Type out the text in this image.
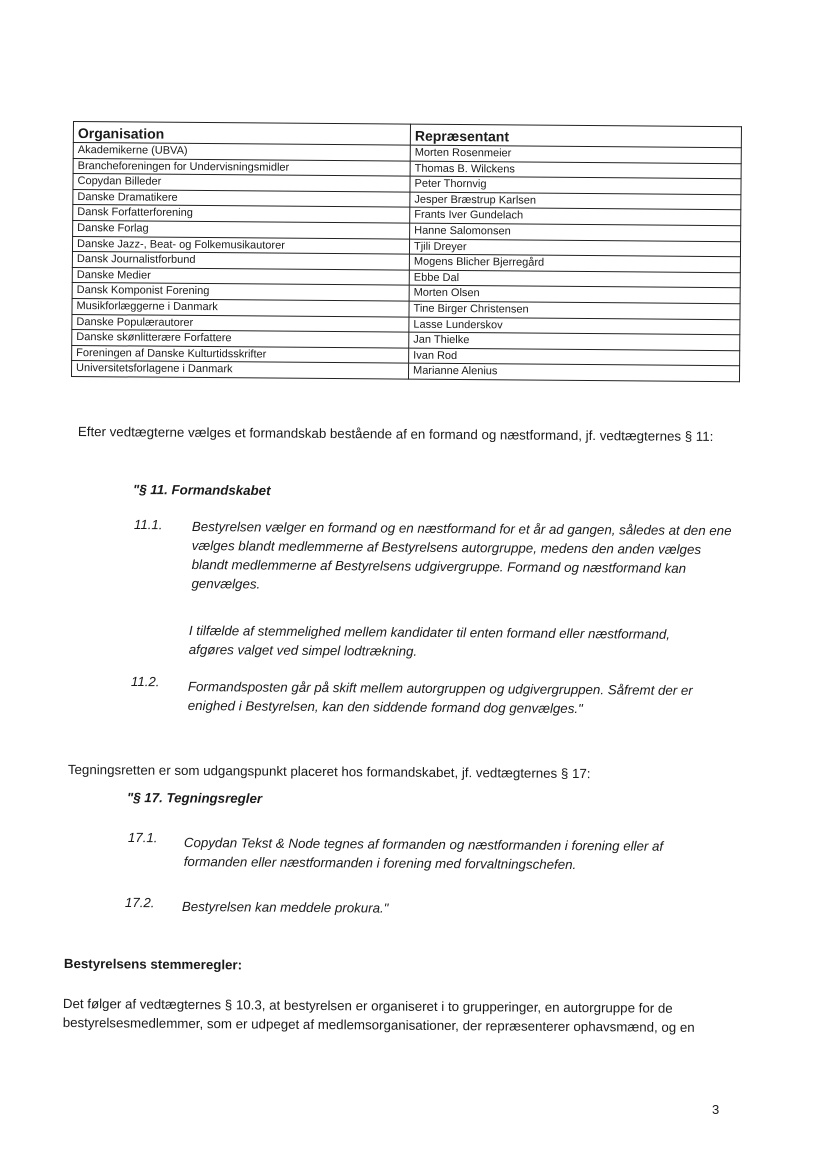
Organisation	Repræsentant
Akademikerne (UBVA)	Morten Rosenmeier
Brancheforeningen for Undervisningsmidler	Thomas B. Wilckens
Copydan Billeder	Peter Thornvig
Danske Dramatikere	Jesper Bræstrup Karlsen
Dansk Forfatterforening	Frants Iver Gundelach
Danske Forlag	Hanne Salomonsen
Danske Jazz-, Beat- og Folkemusikautorer	Tjili Dreyer
Dansk Journalistforbund	Mogens Blicher Bjerregård
Danske Medier	Ebbe Dal
Dansk Komponist Forening	Morten Olsen
Musikforlæggerne i Danmark	Tine Birger Christensen
Danske Populærautorer	Lasse Lunderskov
Danske skønlitterære Forfattere	Jan Thielke
Foreningen af Danske Kulturtidsskrifter	Ivan Rod
Universitetsforlagene i Danmark	Marianne Alenius
Efter vedtægterne vælges et formandskab bestående af en formand og næstformand, jf. vedtægternes § 11:
"§ 11. Formandskabet
11.1. Bestyrelsen vælger en formand og en næstformand for et år ad gangen, således at den ene vælges blandt medlemmerne af Bestyrelsens autorgruppe, medens den anden vælges blandt medlemmerne af Bestyrelsens udgivergruppe. Formand og næstformand kan genvælges.
I tilfælde af stemmelighed mellem kandidater til enten formand eller næstformand, afgøres valget ved simpel lodtrækning.
11.2. Formandsposten går på skift mellem autorgruppen og udgivergruppen. Såfremt der er enighed i Bestyrelsen, kan den siddende formand dog genvælges."
Tegningsretten er som udgangspunkt placeret hos formandskabet, jf. vedtægternes § 17:
"§ 17. Tegningsregler
17.1. Copydan Tekst & Node tegnes af formanden og næstformanden i forening eller af formanden eller næstformanden i forening med forvaltningschefen.
17.2. Bestyrelsen kan meddele prokura."
Bestyrelsens stemmeregler:
Det følger af vedtægternes § 10.3, at bestyrelsen er organiseret i to grupperinger, en autorgruppe for de bestyrelsesmedlemmer, som er udpeget af medlemsorganisationer, der repræsenterer ophavsmænd, og en
3
